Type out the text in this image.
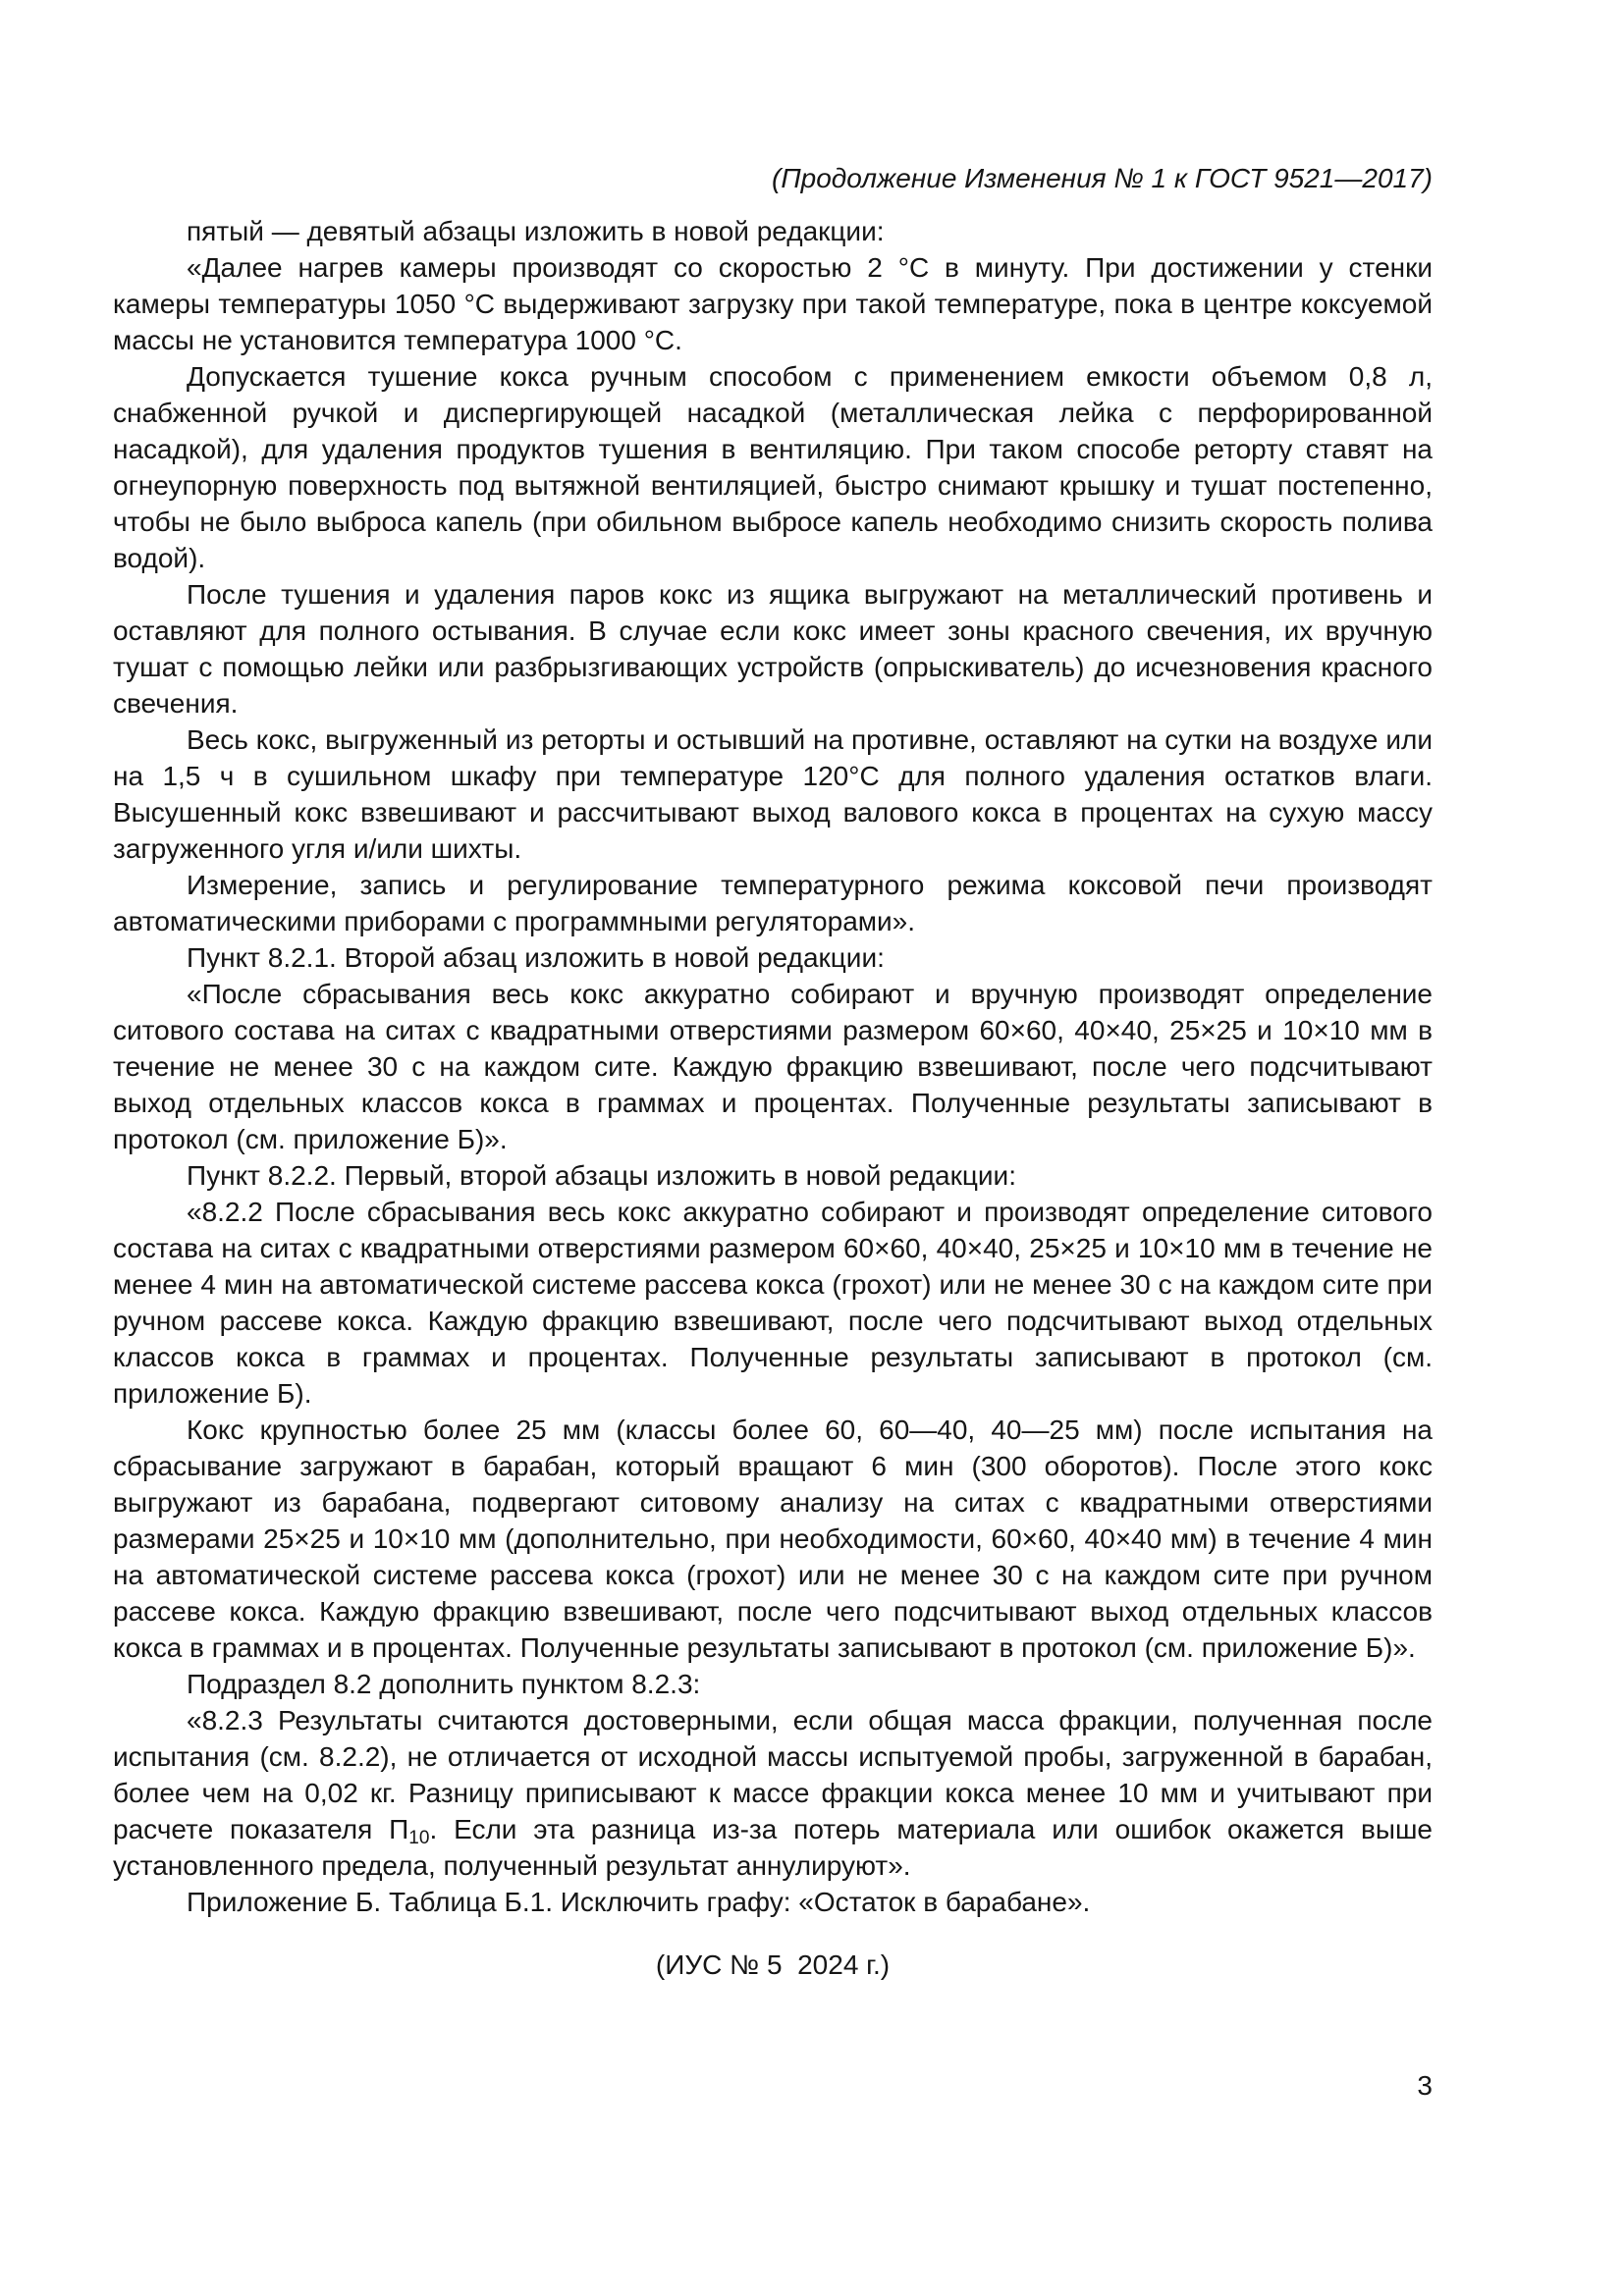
(Продолжение Изменения № 1 к ГОСТ 9521—2017)

пятый — девятый абзацы изложить в новой редакции:

«Далее нагрев камеры производят со скоростью 2 °С в минуту. При достижении у стенки камеры температуры 1050 °С выдерживают загрузку при такой температуре, пока в центре коксуемой массы не установится температура 1000 °С.

Допускается тушение кокса ручным способом с применением емкости объемом 0,8 л, снабженной ручкой и диспергирующей насадкой (металлическая лейка с перфорированной насадкой), для удаления продуктов тушения в вентиляцию. При таком способе реторту ставят на огнеупорную поверхность под вытяжной вентиляцией, быстро снимают крышку и тушат постепенно, чтобы не было выброса капель (при обильном выбросе капель необходимо снизить скорость полива водой).

После тушения и удаления паров кокс из ящика выгружают на металлический противень и оставляют для полного остывания. В случае если кокс имеет зоны красного свечения, их вручную тушат с помощью лейки или разбрызгивающих устройств (опрыскиватель) до исчезновения красного свечения.

Весь кокс, выгруженный из реторты и остывший на противне, оставляют на сутки на воздухе или на 1,5 ч в сушильном шкафу при температуре 120°С для полного удаления остатков влаги. Высушенный кокс взвешивают и рассчитывают выход валового кокса в процентах на сухую массу загруженного угля и/или шихты.

Измерение, запись и регулирование температурного режима коксовой печи производят автоматическими приборами с программными регуляторами».

Пункт 8.2.1. Второй абзац изложить в новой редакции:

«После сбрасывания весь кокс аккуратно собирают и вручную производят определение ситового состава на ситах с квадратными отверстиями размером 60×60, 40×40, 25×25 и 10×10 мм в течение не менее 30 с на каждом сите. Каждую фракцию взвешивают, после чего подсчитывают выход отдельных классов кокса в граммах и процентах. Полученные результаты записывают в протокол (см. приложение Б)».

Пункт 8.2.2. Первый, второй абзацы изложить в новой редакции:

«8.2.2 После сбрасывания весь кокс аккуратно собирают и производят определение ситового состава на ситах с квадратными отверстиями размером 60×60, 40×40, 25×25 и 10×10 мм в течение не менее 4 мин на автоматической системе рассева кокса (грохот) или не менее 30 с на каждом сите при ручном рассеве кокса. Каждую фракцию взвешивают, после чего подсчитывают выход отдельных классов кокса в граммах и процентах. Полученные результаты записывают в протокол (см. приложение Б).

Кокс крупностью более 25 мм (классы более 60, 60—40, 40—25 мм) после испытания на сбрасывание загружают в барабан, который вращают 6 мин (300 оборотов). После этого кокс выгружают из барабана, подвергают ситовому анализу на ситах с квадратными отверстиями размерами 25×25 и 10×10 мм (дополнительно, при необходимости, 60×60, 40×40 мм) в течение 4 мин на автоматической системе рассева кокса (грохот) или не менее 30 с на каждом сите при ручном рассеве кокса. Каждую фракцию взвешивают, после чего подсчитывают выход отдельных классов кокса в граммах и в процентах. Полученные результаты записывают в протокол (см. приложение Б)».

Подраздел 8.2 дополнить пунктом 8.2.3:

«8.2.3 Результаты считаются достоверными, если общая масса фракции, полученная после испытания (см. 8.2.2), не отличается от исходной массы испытуемой пробы, загруженной в барабан, более чем на 0,02 кг. Разницу приписывают к массе фракции кокса менее 10 мм и учитывают при расчете показателя $П_{10}$. Если эта разница из-за потерь материала или ошибок окажется выше установленного предела, полученный результат аннулируют».

Приложение Б. Таблица Б.1. Исключить графу: «Остаток в барабане».

(ИУС № 5  2024 г.)

3
